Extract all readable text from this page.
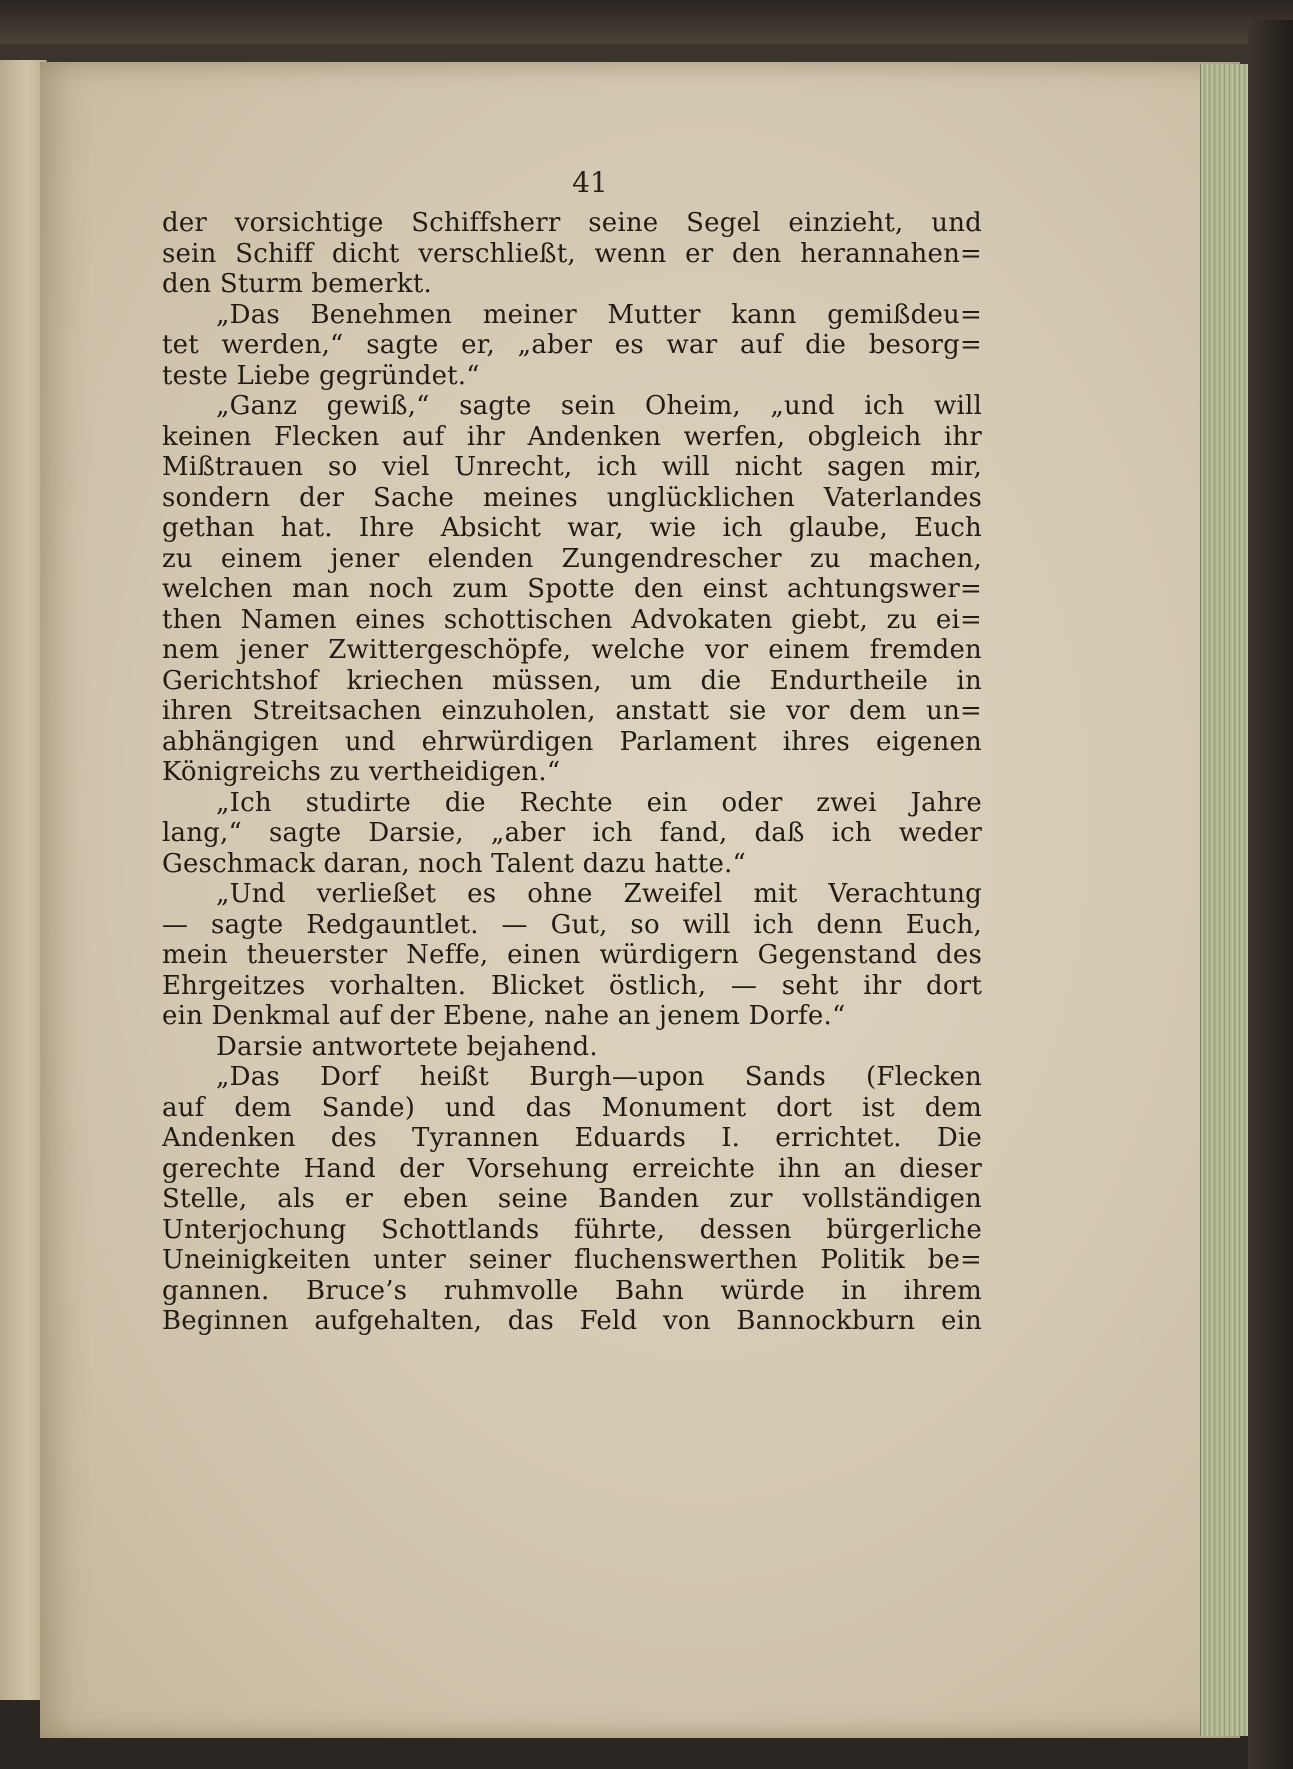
41
der vorsichtige Schiffsherr seine Segel einzieht, und
sein Schiff dicht verschließt, wenn er den herannahen=
den Sturm bemerkt.
„Das Benehmen meiner Mutter kann gemißdeu=
tet werden,“ sagte er, „aber es war auf die besorg=
teste Liebe gegründet.“
„Ganz gewiß,“ sagte sein Oheim, „und ich will
keinen Flecken auf ihr Andenken werfen, obgleich ihr
Mißtrauen so viel Unrecht, ich will nicht sagen mir,
sondern der Sache meines unglücklichen Vaterlandes
gethan hat. Ihre Absicht war, wie ich glaube, Euch
zu einem jener elenden Zungendrescher zu machen,
welchen man noch zum Spotte den einst achtungswer=
then Namen eines schottischen Advokaten giebt, zu ei=
nem jener Zwittergeschöpfe, welche vor einem fremden
Gerichtshof kriechen müssen, um die Endurtheile in
ihren Streitsachen einzuholen, anstatt sie vor dem un=
abhängigen und ehrwürdigen Parlament ihres eigenen
Königreichs zu vertheidigen.“
„Ich studirte die Rechte ein oder zwei Jahre
lang,“ sagte Darsie, „aber ich fand, daß ich weder
Geschmack daran, noch Talent dazu hatte.“
„Und verließet es ohne Zweifel mit Verachtung
— sagte Redgauntlet. — Gut, so will ich denn Euch,
mein theuerster Neffe, einen würdigern Gegenstand des
Ehrgeitzes vorhalten. Blicket östlich, — seht ihr dort
ein Denkmal auf der Ebene, nahe an jenem Dorfe.“
Darsie antwortete bejahend.
„Das Dorf heißt Burgh—upon Sands (Flecken
auf dem Sande) und das Monument dort ist dem
Andenken des Tyrannen Eduards I. errichtet. Die
gerechte Hand der Vorsehung erreichte ihn an dieser
Stelle, als er eben seine Banden zur vollständigen
Unterjochung Schottlands führte, dessen bürgerliche
Uneinigkeiten unter seiner fluchenswerthen Politik be=
gannen. Bruce’s ruhmvolle Bahn würde in ihrem
Beginnen aufgehalten, das Feld von Bannockburn ein
